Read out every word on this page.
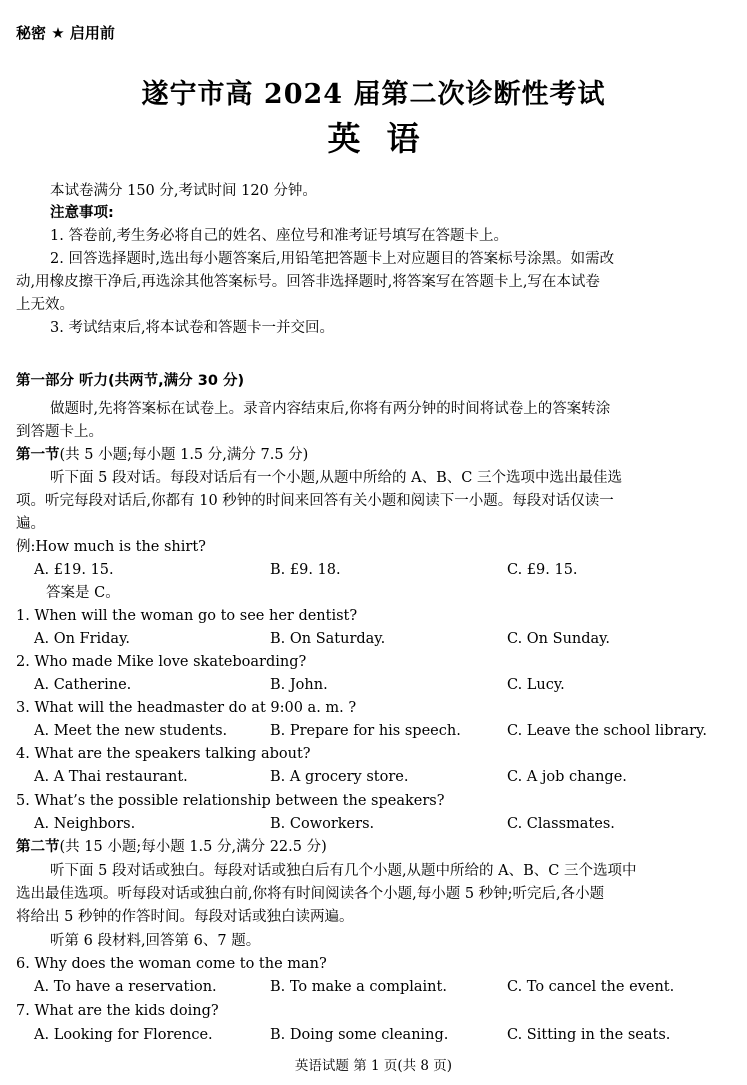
秘密 ★ 启用前
遂宁市高 2024 届第二次诊断性考试
英语
本试卷满分 150 分,考试时间 120 分钟。
注意事项:
1. 答卷前,考生务必将自己的姓名、座位号和准考证号填写在答题卡上。
2. 回答选择题时,选出每小题答案后,用铅笔把答题卡上对应题目的答案标号涂黑。如需改
动,用橡皮擦干净后,再选涂其他答案标号。回答非选择题时,将答案写在答题卡上,写在本试卷
上无效。
3. 考试结束后,将本试卷和答题卡一并交回。
第一部分 听力(共两节,满分 30 分)
做题时,先将答案标在试卷上。录音内容结束后,你将有两分钟的时间将试卷上的答案转涂
到答题卡上。
第一节(共 5 小题;每小题 1.5 分,满分 7.5 分)
听下面 5 段对话。每段对话后有一个小题,从题中所给的 A、B、C 三个选项中选出最佳选
项。听完每段对话后,你都有 10 秒钟的时间来回答有关小题和阅读下一小题。每段对话仅读一
遍。
例:How much is the shirt?
A. £19. 15.	B. £9. 18.	C. £9. 15.
答案是 C。
1. When will the woman go to see her dentist?
A. On Friday.	B. On Saturday.	C. On Sunday.
2. Who made Mike love skateboarding?
A. Catherine.	B. John.	C. Lucy.
3. What will the headmaster do at 9:00 a. m. ?
A. Meet the new students.	B. Prepare for his speech.	C. Leave the school library.
4. What are the speakers talking about?
A. A Thai restaurant.	B. A grocery store.	C. A job change.
5. What’s the possible relationship between the speakers?
A. Neighbors.	B. Coworkers.	C. Classmates.
第二节(共 15 小题;每小题 1.5 分,满分 22.5 分)
听下面 5 段对话或独白。每段对话或独白后有几个小题,从题中所给的 A、B、C 三个选项中
选出最佳选项。听每段对话或独白前,你将有时间阅读各个小题,每小题 5 秒钟;听完后,各小题
将给出 5 秒钟的作答时间。每段对话或独白读两遍。
听第 6 段材料,回答第 6、7 题。
6. Why does the woman come to the man?
A. To have a reservation.	B. To make a complaint.	C. To cancel the event.
7. What are the kids doing?
A. Looking for Florence.	B. Doing some cleaning.	C. Sitting in the seats.
英语试题 第 1 页(共 8 页)
